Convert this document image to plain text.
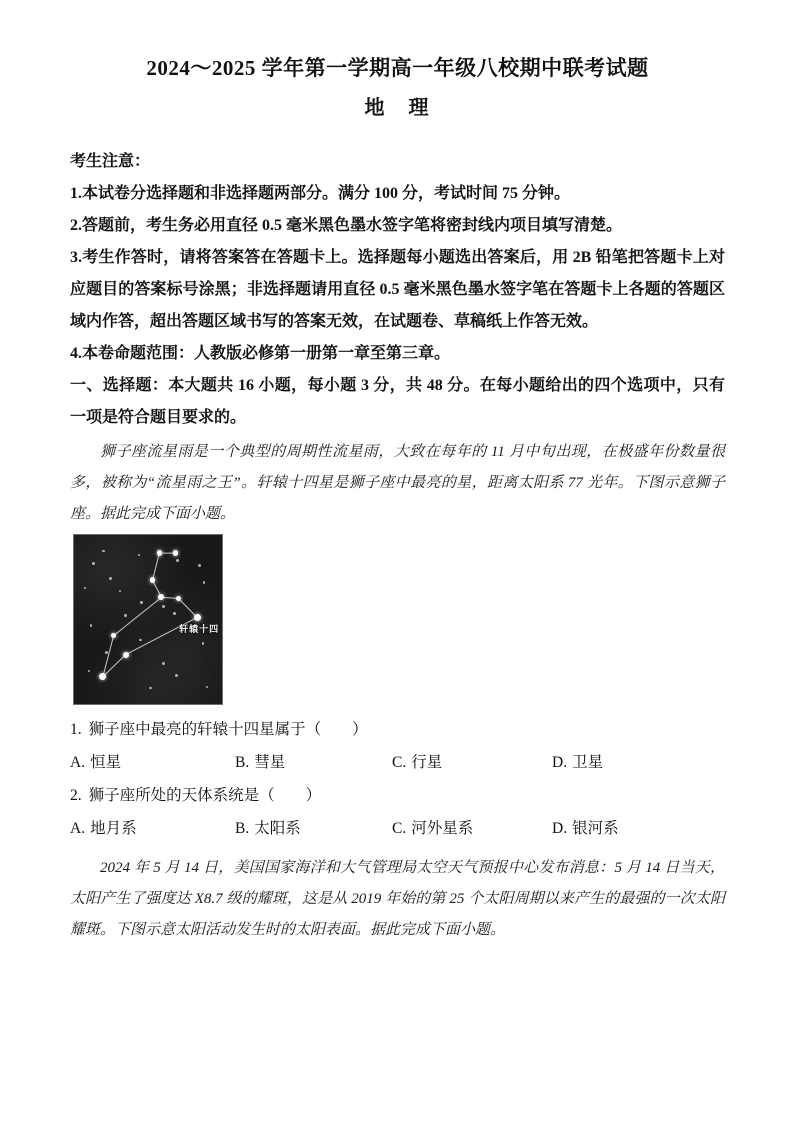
2024～2025 学年第一学期高一年级八校期中联考试题
地　理

考生注意：

1.本试卷分选择题和非选择题两部分。满分 100 分，考试时间 75 分钟。

2.答题前，考生务必用直径 0.5 毫米黑色墨水签字笔将密封线内项目填写清楚。

3.考生作答时，请将答案答在答题卡上。选择题每小题选出答案后，用 2B 铅笔把答题卡上对应题目的答案标号涂黑；非选择题请用直径 0.5 毫米黑色墨水签字笔在答题卡上各题的答题区域内作答，超出答题区域书写的答案无效，在试题卷、草稿纸上作答无效。

4.本卷命题范围：人教版必修第一册第一章至第三章。

一、选择题：本大题共 16 小题，每小题 3 分，共 48 分。在每小题给出的四个选项中，只有一项是符合题目要求的。

狮子座流星雨是一个典型的周期性流星雨，大致在每年的 11 月中旬出现，在极盛年份数量很多，被称为“流星雨之王”。轩辕十四星是狮子座中最亮的星，距离太阳系 77 光年。下图示意狮子座。据此完成下面小题。

轩辕十四

1. 狮子座中最亮的轩辕十四星属于（　　）

A. 恒星	B. 彗星	C. 行星	D. 卫星

2. 狮子座所处的天体系统是（　　）

A. 地月系	B. 太阳系	C. 河外星系	D. 银河系

2024 年 5 月 14 日，美国国家海洋和大气管理局太空天气预报中心发布消息：5 月 14 日当天，太阳产生了强度达 X8.7 级的耀斑，这是从 2019 年始的第 25 个太阳周期以来产生的最强的一次太阳耀斑。下图示意太阳活动发生时的太阳表面。据此完成下面小题。
